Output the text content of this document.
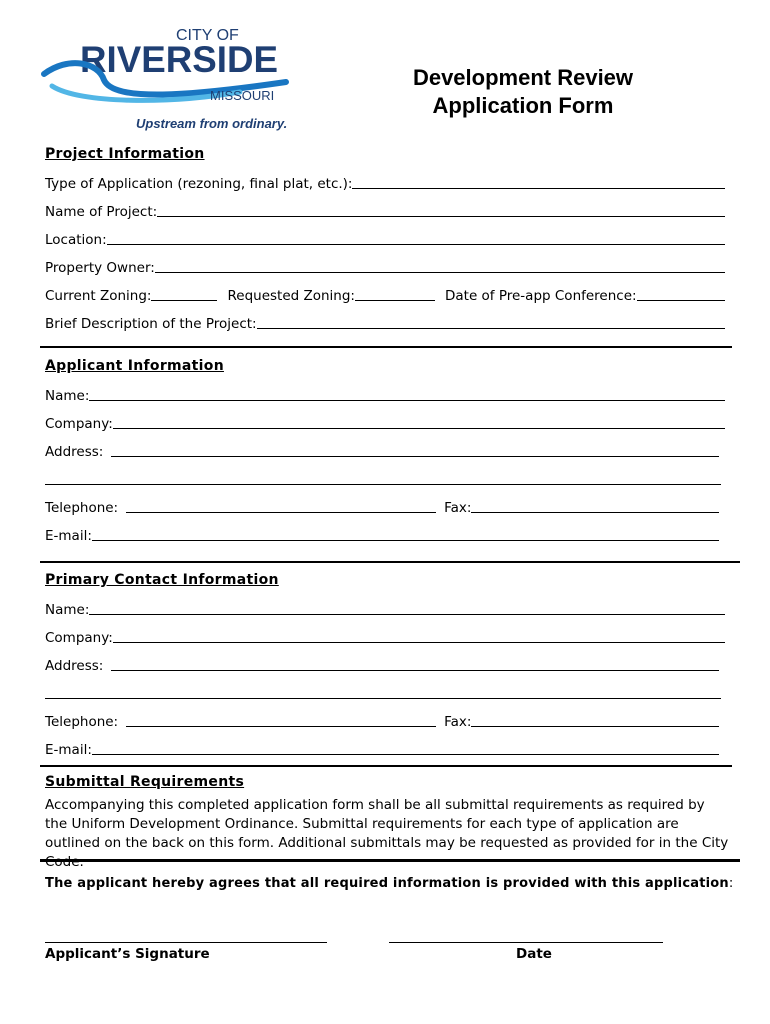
CITY OF
RIVERSIDE
MISSOURI
Upstream from ordinary.
Development Review
Application Form
Project Information
Type of Application (rezoning, final plat, etc.):
Name of Project:
Location:
Property Owner:
Current Zoning:	Requested Zoning:	Date of Pre-app Conference:
Brief Description of the Project:
Applicant Information
Name:
Company:
Address:
Telephone:	Fax:
E-mail:
Primary Contact Information
Name:
Company:
Address:
Telephone:	Fax:
E-mail:
Submittal Requirements
Accompanying this completed application form shall be all submittal requirements as required by the Uniform Development Ordinance. Submittal requirements for each type of application are outlined on the back on this form. Additional submittals may be requested as provided for in the City Code.
The applicant hereby agrees that all required information is provided with this application:
Applicant’s Signature	Date
